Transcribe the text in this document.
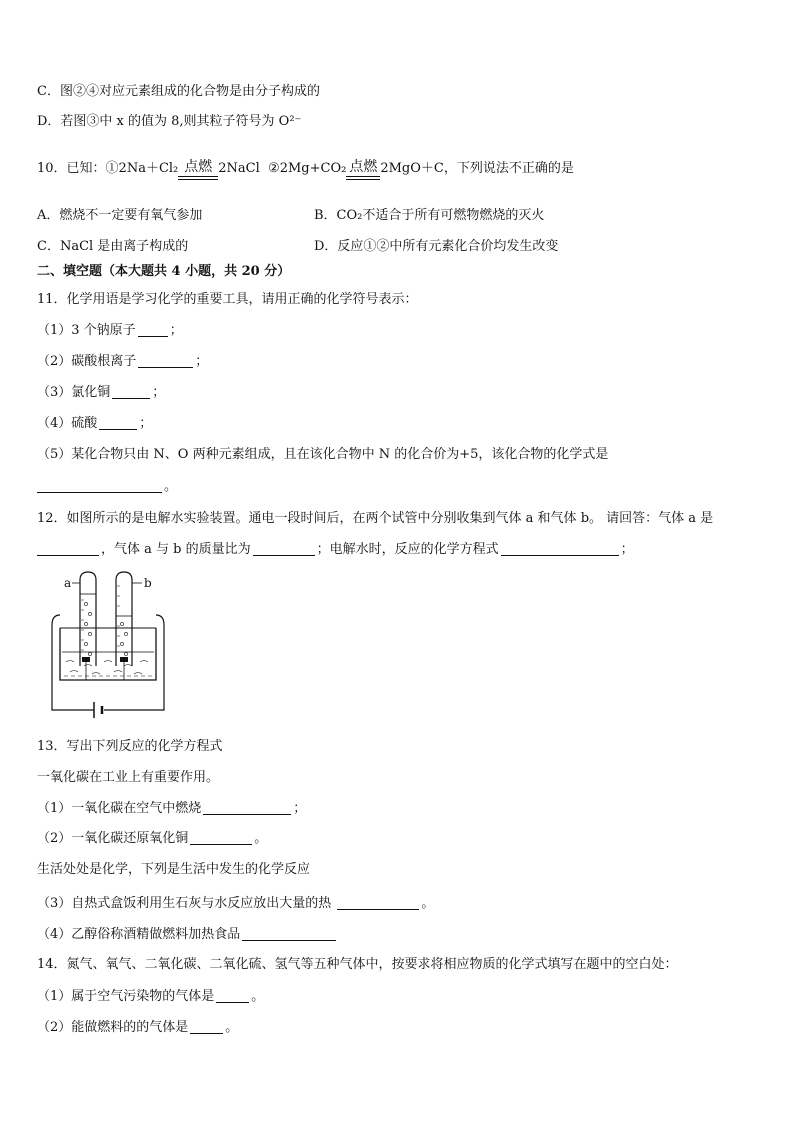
C．图②④对应元素组成的化合物是由分子构成的
D．若图③中 x 的值为 8,则其粒子符号为 O²⁻
10．已知：①2Na＋Cl₂ 点燃 2NaCl ②2Mg+CO₂ 点燃 2MgO＋C，下列说法不正确的是
A．燃烧不一定要有氧气参加	B．CO₂不适合于所有可燃物燃烧的灭火
C．NaCl 是由离子构成的	D．反应①②中所有元素化合价均发生改变
二、填空题（本大题共 4 小题，共 20 分）
11．化学用语是学习化学的重要工具，请用正确的化学符号表示：
（1）3 个钠原子	；
（2）碳酸根离子	；
（3）氯化铜	；
（4）硫酸	；
（5）某化合物只由 N、O 两种元素组成，且在该化合物中 N 的化合价为+5，该化合物的化学式是
。
12．如图所示的是电解水实验装置。通电一段时间后，在两个试管中分别收集到气体 a 和气体 b。 请回答：气体 a 是
，气体 a 与 b 的质量比为	；电解水时，反应的化学方程式	；
a	b
13．写出下列反应的化学方程式
一氧化碳在工业上有重要作用。
（1）一氧化碳在空气中燃烧	；
（2）一氧化碳还原氧化铜	。
生活处处是化学，下列是生活中发生的化学反应
（3）自热式盒饭利用生石灰与水反应放出大量的热	。
（4）乙醇俗称酒精做燃料加热食品
14．氮气、氧气、二氧化碳、二氧化硫、氢气等五种气体中，按要求将相应物质的化学式填写在题中的空白处：
（1）属于空气污染物的气体是	。
（2）能做燃料的的气体是	。
